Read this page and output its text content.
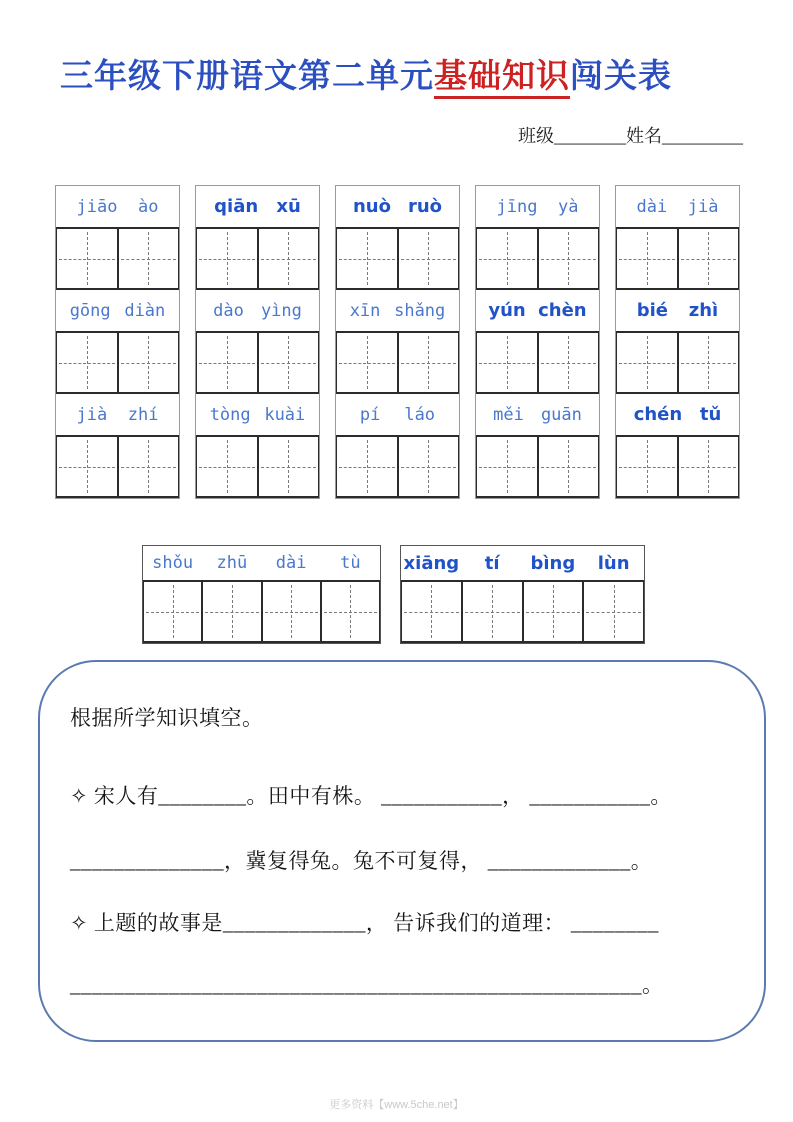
三年级下册语文第二单元基础知识闯关表
班级________姓名_________
jiāo ào
gōng diàn
jià zhí
qiān xū
dào yìng
tòng kuài
nuò ruò
xīn shǎng
pí láo
jīng yà
yún chèn
měi guān
dài jià
bié zhì
chén tǔ
shǒu	zhū	dài	tù	xiāng	tí	bìng	lùn

根据所学知识填空。

✧ 宋人有________。田中有株。 ___________， ___________。

______________，冀复得兔。兔不可复得， _____________。

✧ 上题的故事是_____________， 告诉我们的道理： ________

____________________________________________________。

更多资料【www.5che.net】
